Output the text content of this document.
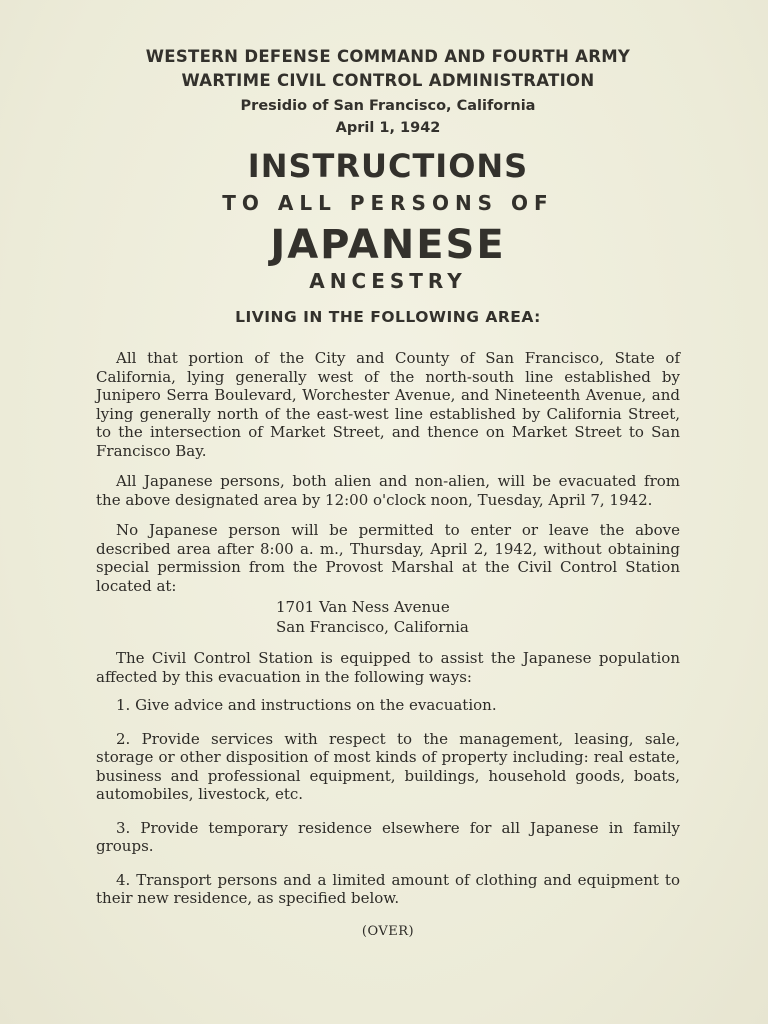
WESTERN DEFENSE COMMAND AND FOURTH ARMY
WARTIME CIVIL CONTROL ADMINISTRATION
Presidio of San Francisco, California
April 1, 1942
INSTRUCTIONS
TO ALL PERSONS OF
JAPANESE
ANCESTRY
LIVING IN THE FOLLOWING AREA:

All that portion of the City and County of San Francisco, State of California, lying generally west of the north-south line established by Junipero Serra Boulevard, Worchester Avenue, and Nineteenth Avenue, and lying generally north of the east-west line established by California Street, to the intersection of Market Street, and thence on Market Street to San Francisco Bay.

All Japanese persons, both alien and non-alien, will be evacuated from the above designated area by 12:00 o'clock noon, Tuesday, April 7, 1942.

No Japanese person will be permitted to enter or leave the above described area after 8:00 a. m., Thursday, April 2, 1942, without obtaining special permission from the Provost Marshal at the Civil Control Station located at:

1701 Van Ness Avenue
San Francisco, California

The Civil Control Station is equipped to assist the Japanese population affected by this evacuation in the following ways:

1. Give advice and instructions on the evacuation.

2. Provide services with respect to the management, leasing, sale, storage or other disposition of most kinds of property including: real estate, business and professional equipment, buildings, household goods, boats, automobiles, livestock, etc.

3. Provide temporary residence elsewhere for all Japanese in family groups.

4. Transport persons and a limited amount of clothing and equipment to their new residence, as specified below.

(OVER)
